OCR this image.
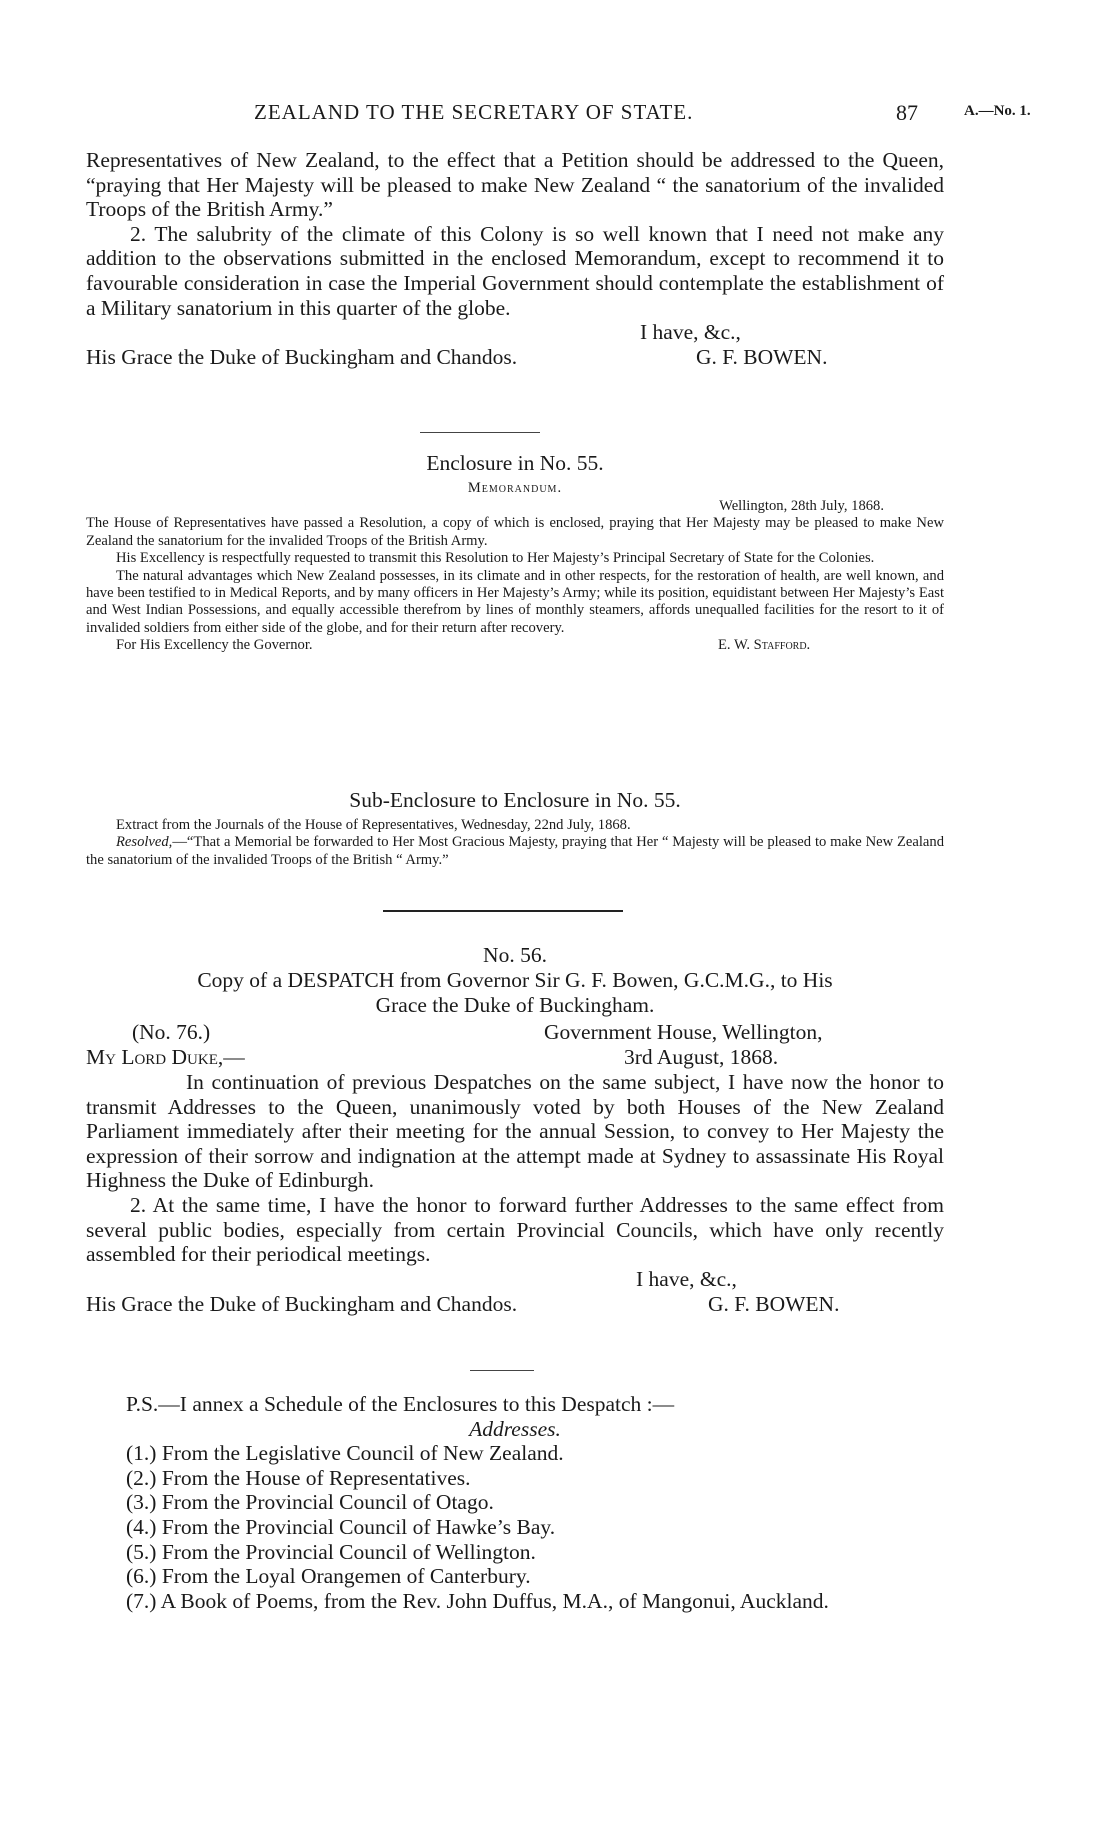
ZEALAND TO THE SECRETARY OF STATE.	87	A.—No. 1.

Representatives of New Zealand, to the effect that a Petition should be addressed to the Queen, “praying that Her Majesty will be pleased to make New Zealand “ the sanatorium of the invalided Troops of the British Army.”

2. The salubrity of the climate of this Colony is so well known that I need not make any addition to the observations submitted in the enclosed Memorandum, except to recommend it to favourable consideration in case the Imperial Government should contemplate the establishment of a Military sanatorium in this quarter of the globe.

I have, &c.,
His Grace the Duke of Buckingham and Chandos.	G. F. BOWEN.
Enclosure in No. 55.
Memorandum.

Wellington, 28th July, 1868.

The House of Representatives have passed a Resolution, a copy of which is enclosed, praying that Her Majesty may be pleased to make New Zealand the sanatorium for the invalided Troops of the British Army.

His Excellency is respectfully requested to transmit this Resolution to Her Majesty’s Principal Secretary of State for the Colonies.

The natural advantages which New Zealand possesses, in its climate and in other respects, for the restoration of health, are well known, and have been testified to in Medical Reports, and by many officers in Her Majesty’s Army; while its position, equidistant between Her Majesty’s East and West Indian Possessions, and equally accessible therefrom by lines of monthly steamers, affords unequalled facilities for the resort to it of invalided soldiers from either side of the globe, and for their return after recovery.

For His Excellency the Governor.	E. W. Stafford.
Sub-Enclosure to Enclosure in No. 55.

Extract from the Journals of the House of Representatives, Wednesday, 22nd July, 1868.

Resolved,—“That a Memorial be forwarded to Her Most Gracious Majesty, praying that Her “ Majesty will be pleased to make New Zealand the sanatorium of the invalided Troops of the British “ Army.”

No. 56.
Copy of a DESPATCH from Governor Sir G. F. Bowen, G.C.M.G., to His
Grace the Duke of Buckingham.
(No. 76.)	Government House, Wellington,
My Lord Duke,—	3rd August, 1868.

In continuation of previous Despatches on the same subject, I have now the honor to transmit Addresses to the Queen, unanimously voted by both Houses of the New Zealand Parliament immediately after their meeting for the annual Session, to convey to Her Majesty the expression of their sorrow and indignation at the attempt made at Sydney to assassinate His Royal Highness the Duke of Edinburgh.

2. At the same time, I have the honor to forward further Addresses to the same effect from several public bodies, especially from certain Provincial Councils, which have only recently assembled for their periodical meetings.

I have, &c.,
His Grace the Duke of Buckingham and Chandos.	G. F. BOWEN.

P.S.—I annex a Schedule of the Enclosures to this Despatch :—

Addresses.

(1.) From the Legislative Council of New Zealand.

(2.) From the House of Representatives.

(3.) From the Provincial Council of Otago.

(4.) From the Provincial Council of Hawke’s Bay.

(5.) From the Provincial Council of Wellington.

(6.) From the Loyal Orangemen of Canterbury.

(7.) A Book of Poems, from the Rev. John Duffus, M.A., of Mangonui, Auckland.
